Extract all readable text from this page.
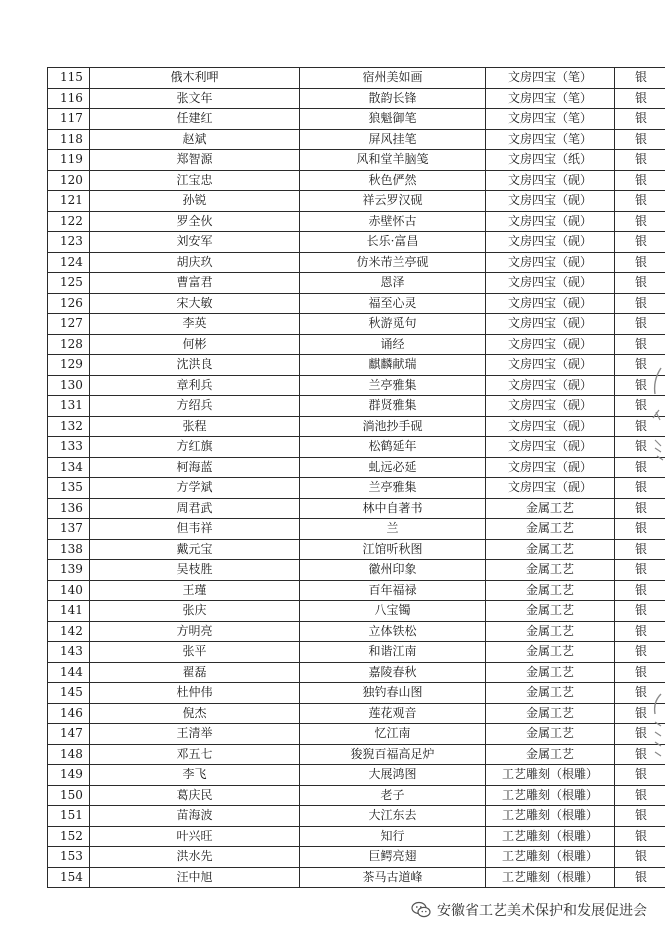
115	俄木利呷	宿州美如画	文房四宝（笔）	银
116	张文年	散韵长锋	文房四宝（笔）	银
117	任建红	狼魁御笔	文房四宝（笔）	银
118	赵斌	屏风挂笔	文房四宝（笔）	银
119	郑智源	风和堂羊脑笺	文房四宝（纸）	银
120	江宝忠	秋色俨然	文房四宝（砚）	银
121	孙锐	祥云罗汉砚	文房四宝（砚）	银
122	罗全伙	赤壁怀古	文房四宝（砚）	银
123	刘安军	长乐·富昌	文房四宝（砚）	银
124	胡庆玖	仿米芾兰亭砚	文房四宝（砚）	银
125	曹富君	恩泽	文房四宝（砚）	银
126	宋大敏	福至心灵	文房四宝（砚）	银
127	李英	秋游觅句	文房四宝（砚）	银
128	何彬	诵经	文房四宝（砚）	银
129	沈洪良	麒麟献瑞	文房四宝（砚）	银
130	章利兵	兰亭雅集	文房四宝（砚）	银
131	方绍兵	群贤雅集	文房四宝（砚）	银
132	张程	淌池抄手砚	文房四宝（砚）	银
133	方红旗	松鹤延年	文房四宝（砚）	银
134	柯海蓝	虬远必延	文房四宝（砚）	银
135	方学斌	兰亭雅集	文房四宝（砚）	银
136	周君武	林中自著书	金属工艺	银
137	但韦祥	兰	金属工艺	银
138	戴元宝	江馆听秋图	金属工艺	银
139	吴枝胜	徽州印象	金属工艺	银
140	王瑾	百年福禄	金属工艺	银
141	张庆	八宝镯	金属工艺	银
142	方明亮	立体铁松	金属工艺	银
143	张平	和谐江南	金属工艺	银
144	翟磊	嘉陵春秋	金属工艺	银
145	杜仲伟	独钓春山图	金属工艺	银
146	倪杰	莲花观音	金属工艺	银
147	王清举	忆江南	金属工艺	银
148	邓五七	狻猊百福高足炉	金属工艺	银
149	李飞	大展鸿图	工艺雕刻（根雕）	银
150	葛庆民	老子	工艺雕刻（根雕）	银
151	苗海波	大江东去	工艺雕刻（根雕）	银
152	叶兴旺	知行	工艺雕刻（根雕）	银
153	洪水先	巨鳄亮翅	工艺雕刻（根雕）	银
154	汪中旭	茶马古道峰	工艺雕刻（根雕）	银
安徽省工艺美术保护和发展促进会
